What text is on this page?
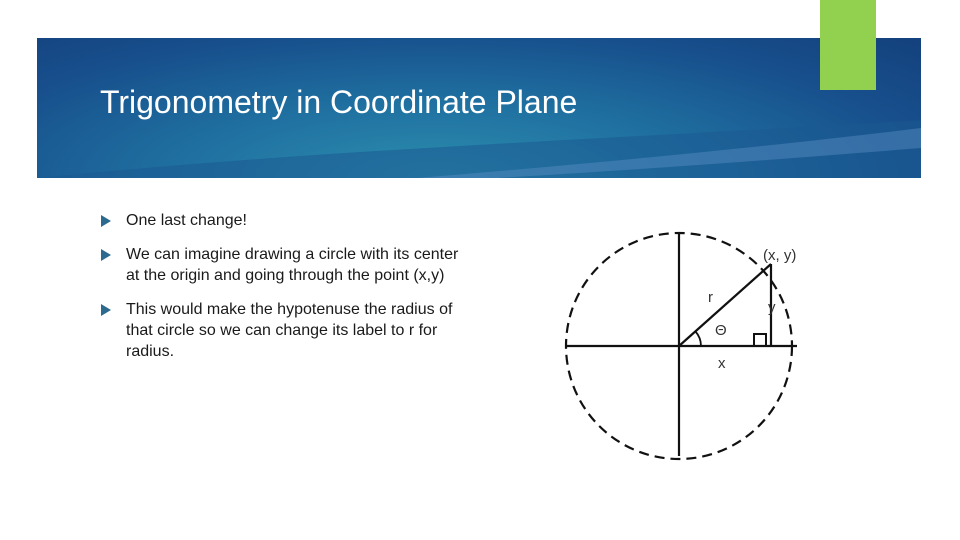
Trigonometry in Coordinate Plane
One last change!
We can imagine drawing a circle with its center at the origin and going through the point (x,y)
This would make the hypotenuse the radius of that circle so we can change its label to r for radius.
(x, y)
r
y
Θ
x
